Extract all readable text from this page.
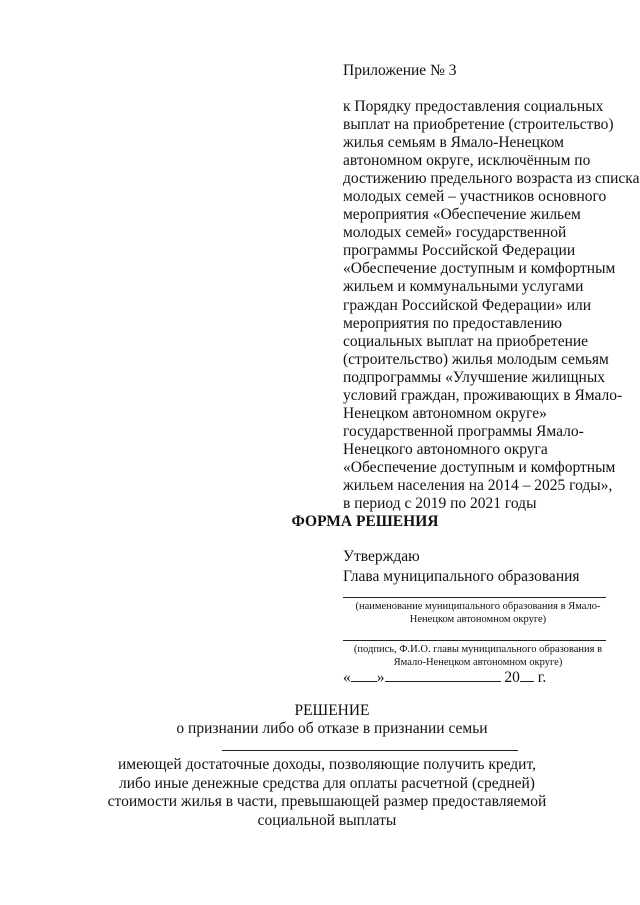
Приложение № 3
к Порядку предоставления социальных
выплат на приобретение (строительство)
жилья семьям в Ямало-Ненецком
автономном округе, исключённым по
достижению предельного возраста из списка
молодых семей – участников основного
мероприятия «Обеспечение жильем
молодых семей» государственной
программы Российской Федерации
«Обеспечение доступным и комфортным
жильем и коммунальными услугами
граждан Российской Федерации» или
мероприятия по предоставлению
социальных выплат на приобретение
(строительство) жилья молодым семьям
подпрограммы «Улучшение жилищных
условий граждан, проживающих в Ямало-
Ненецком автономном округе»
государственной программы Ямало-
Ненецкого автономного округа
«Обеспечение доступным и комфортным
жильем населения на 2014 – 2025 годы»,
в период с 2019 по 2021 годы
ФОРМА РЕШЕНИЯ
Утверждаю
Глава муниципального образования
(наименование муниципального образования в Ямало-
Ненецком автономном округе)
(подпись, Ф.И.О. главы муниципального образования в
Ямало-Ненецком автономном округе)
« »	20 г.
РЕШЕНИЕ
о признании либо об отказе в признании семьи
имеющей достаточные доходы, позволяющие получить кредит,
либо иные денежные средства для оплаты расчетной (средней)
стоимости жилья в части, превышающей размер предоставляемой
социальной выплаты
